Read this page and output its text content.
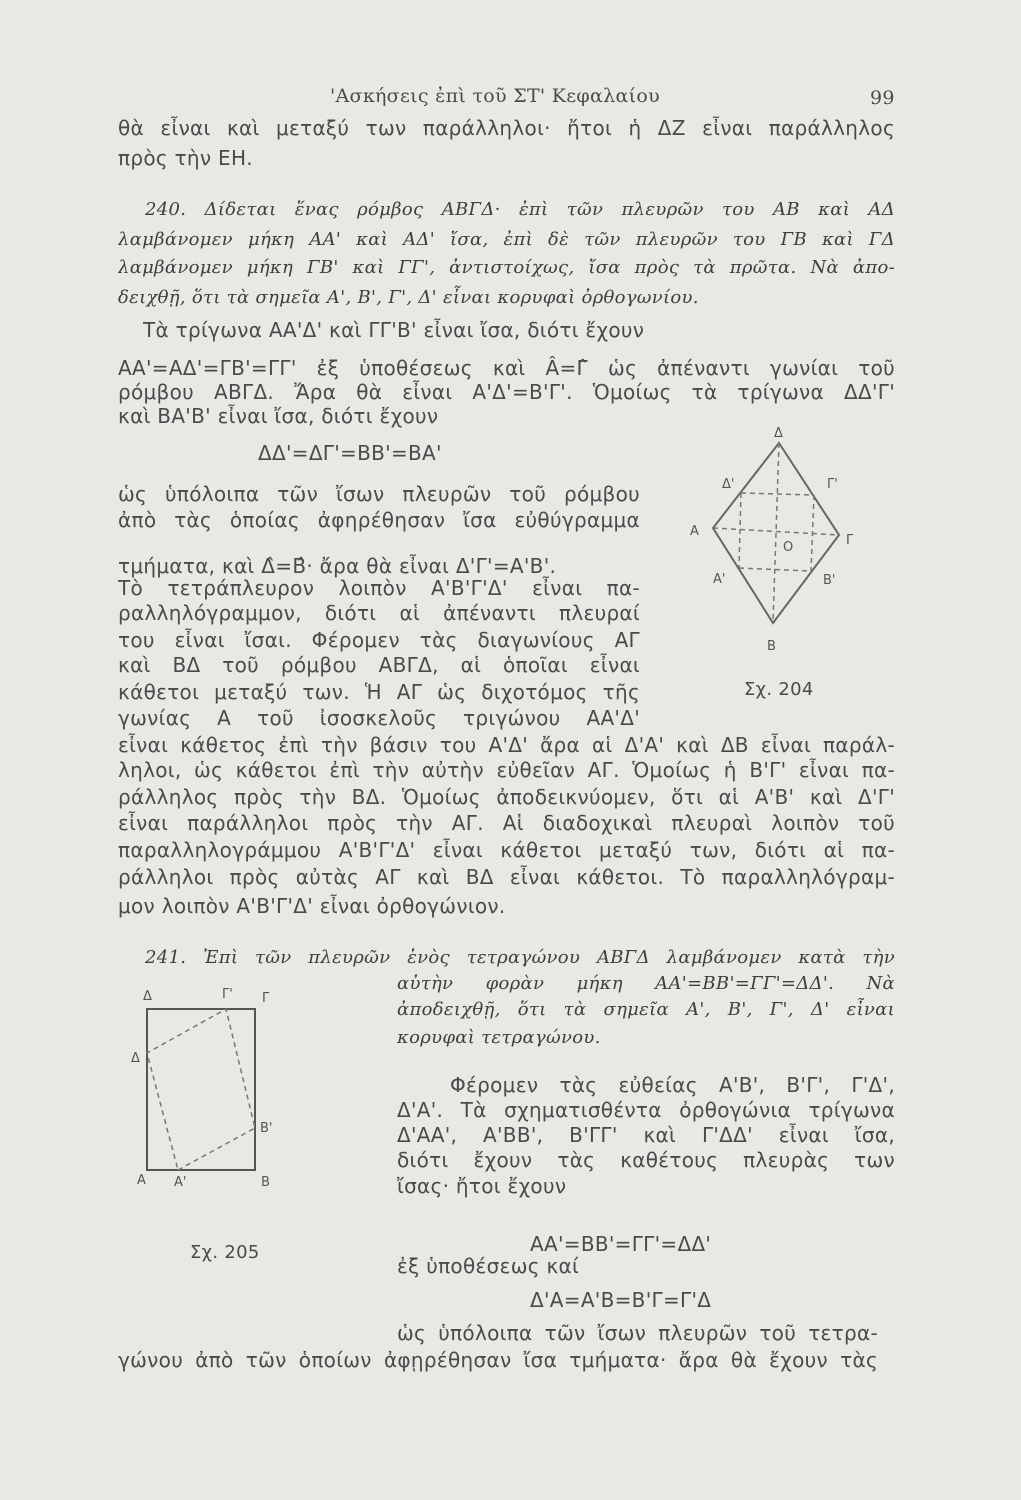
'Ασκήσεις ἐπὶ τοῦ ΣΤ' Κεφαλαίου	99
θὰ εἶναι καὶ μεταξύ των παράλληλοι· ἤτοι ἡ ΔΖ εἶναι παράλληλος
πρὸς τὴν ΕΗ.
240. Δίδεται ἕνας ρόμβος ΑΒΓΔ· ἐπὶ τῶν πλευρῶν του ΑΒ καὶ ΑΔ
λαμβάνομεν μήκη ΑΑ' καὶ ΑΔ' ἴσα, ἐπὶ δὲ τῶν πλευρῶν του ΓΒ καὶ ΓΔ
λαμβάνομεν μήκη ΓΒ' καὶ ΓΓ', ἀντιστοίχως, ἴσα πρὸς τὰ πρῶτα. Νὰ ἀπο-
δειχθῇ, ὅτι τὰ σημεῖα Α', Β', Γ', Δ' εἶναι κορυφαὶ ὀρθογωνίου.
Τὰ τρίγωνα ΑΑ'Δ' καὶ ΓΓ'Β' εἶναι ἴσα, διότι ἔχουν
ΑΑ'=ΑΔ'=ΓΒ'=ΓΓ' ἐξ ὑποθέσεως καὶ Â=Γ̂ ὡς ἀπέναντι γωνίαι τοῦ
ρόμβου ΑΒΓΔ. Ἄρα θὰ εἶναι Α'Δ'=Β'Γ'. Ὁμοίως τὰ τρίγωνα ΔΔ'Γ'
καὶ ΒΑ'Β' εἶναι ἴσα, διότι ἔχουν
ΔΔ'=ΔΓ'=ΒΒ'=ΒΑ'
ὡς ὑπόλοιπα τῶν ἴσων πλευρῶν τοῦ ρόμβου
ἀπὸ τὰς ὁποίας ἀφηρέθησαν ἴσα εὐθύγραμμα
τμήματα, καὶ Δ̂=Β̂· ἄρα θὰ εἶναι Δ'Γ'=Α'Β'.
Τὸ τετράπλευρον λοιπὸν Α'Β'Γ'Δ' εἶναι πα-
ραλληλόγραμμον, διότι αἱ ἀπέναντι πλευραί
του εἶναι ἴσαι. Φέρομεν τὰς διαγωνίους ΑΓ
καὶ ΒΔ τοῦ ρόμβου ΑΒΓΔ, αἱ ὁποῖαι εἶναι
κάθετοι μεταξύ των. Ἡ ΑΓ ὡς διχοτόμος τῆς
γωνίας Α τοῦ ἰσοσκελοῦς τριγώνου ΑΑ'Δ'
εἶναι κάθετος ἐπὶ τὴν βάσιν του Α'Δ' ἄρα αἱ Δ'Α' καὶ ΔΒ εἶναι παράλ-
ληλοι, ὡς κάθετοι ἐπὶ τὴν αὐτὴν εὐθεῖαν ΑΓ. Ὁμοίως ἡ Β'Γ' εἶναι πα-
ράλληλος πρὸς τὴν ΒΔ. Ὁμοίως ἀποδεικνύομεν, ὅτι αἱ Α'Β' καὶ Δ'Γ'
εἶναι παράλληλοι πρὸς τὴν ΑΓ. Αἱ διαδοχικαὶ πλευραὶ λοιπὸν τοῦ
παραλληλογράμμου Α'Β'Γ'Δ' εἶναι κάθετοι μεταξύ των, διότι αἱ πα-
ράλληλοι πρὸς αὐτὰς ΑΓ καὶ ΒΔ εἶναι κάθετοι. Τὸ παραλληλόγραμ-
μον λοιπὸν Α'Β'Γ'Δ' εἶναι ὀρθογώνιον.
Δ
Δ'	Γ'
Α
Γ
O
Α'	Β'
Β
Σχ. 204
241. Ἐπὶ τῶν πλευρῶν ἑνὸς τετραγώνου ΑΒΓΔ λαμβάνομεν κατὰ τὴν
αὐτὴν φορὰν μήκη ΑΑ'=ΒΒ'=ΓΓ'=ΔΔ'. Νὰ
ἀποδειχθῇ, ὅτι τὰ σημεῖα Α', Β', Γ', Δ' εἶναι
κορυφαὶ τετραγώνου.
Φέρομεν τὰς εὐθείας Α'Β', Β'Γ', Γ'Δ',
Δ'Α'. Τὰ σχηματισθέντα ὀρθογώνια τρίγωνα
Δ'ΑΑ', Α'ΒΒ', Β'ΓΓ' καὶ Γ'ΔΔ' εἶναι ἴσα,
διότι ἔχουν τὰς καθέτους πλευρὰς των
ἴσας· ἤτοι ἔχουν
ΑΑ'=ΒΒ'=ΓΓ'=ΔΔ'
ἐξ ὑποθέσεως καί
Δ'Α=Α'Β=Β'Γ=Γ'Δ
ὡς ὑπόλοιπα τῶν ἴσων πλευρῶν τοῦ τετρα-
γώνου ἀπὸ τῶν ὁποίων ἀφῃρέθησαν ἴσα τμήματα· ἄρα θὰ ἔχουν τὰς
Δ	Γ' Γ
Δ
Β'
Α Α'	Β
Σχ. 205
